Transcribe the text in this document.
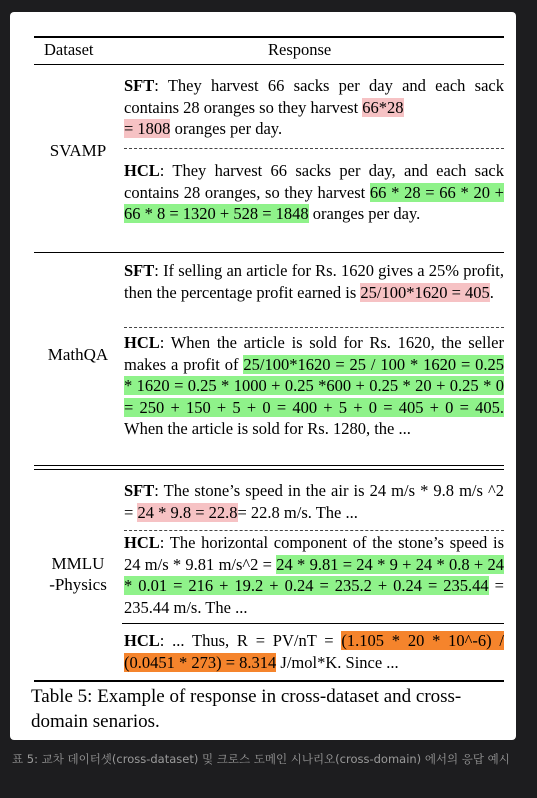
Dataset	Response
SVAMP
SFT: They harvest 66 sacks per day and each sack contains 28 oranges so they harvest 66*28
= 1808 oranges per day.
HCL: They harvest 66 sacks per day, and each sack contains 28 oranges, so they harvest 66 * 28 = 66 * 20 + 66 * 8 = 1320 + 528 = 1848 oranges per day.
MathQA
SFT: If selling an article for Rs. 1620 gives a 25% profit, then the percentage profit earned is 25/100*1620 = 405.
HCL: When the article is sold for Rs. 1620, the seller makes a profit of 25/100*1620 = 25 / 100 * 1620 = 0.25 * 1620 = 0.25 * 1000 + 0.25 *600 + 0.25 * 20 + 0.25 * 0 = 250 + 150 + 5 + 0 = 400 + 5 + 0 = 405 + 0 = 405. When the article is sold for Rs. 1280, the ...
MMLU
-Physics
SFT: The stone’s speed in the air is 24 m/s * 9.8 m/s ^2 = 24 * 9.8 = 22.8= 22.8 m/s. The ...
HCL: The horizontal component of the stone’s speed is 24 m/s * 9.81 m/s^2 = 24 * 9.81 = 24 * 9 + 24 * 0.8 + 24 * 0.01 = 216 + 19.2 + 0.24 = 235.2 + 0.24 = 235.44 = 235.44 m/s. The ...
HCL: ... Thus, R = PV/nT = (1.105 * 20 * 10^-6) / (0.0451 * 273) = 8.314 J/mol*K. Since ...
Table 5: Example of response in cross-dataset and cross-domain senarios.
표 5: 교차 데이터셋(cross-dataset) 및 크로스 도메인 시나리오(cross-domain) 에서의 응답 예시
